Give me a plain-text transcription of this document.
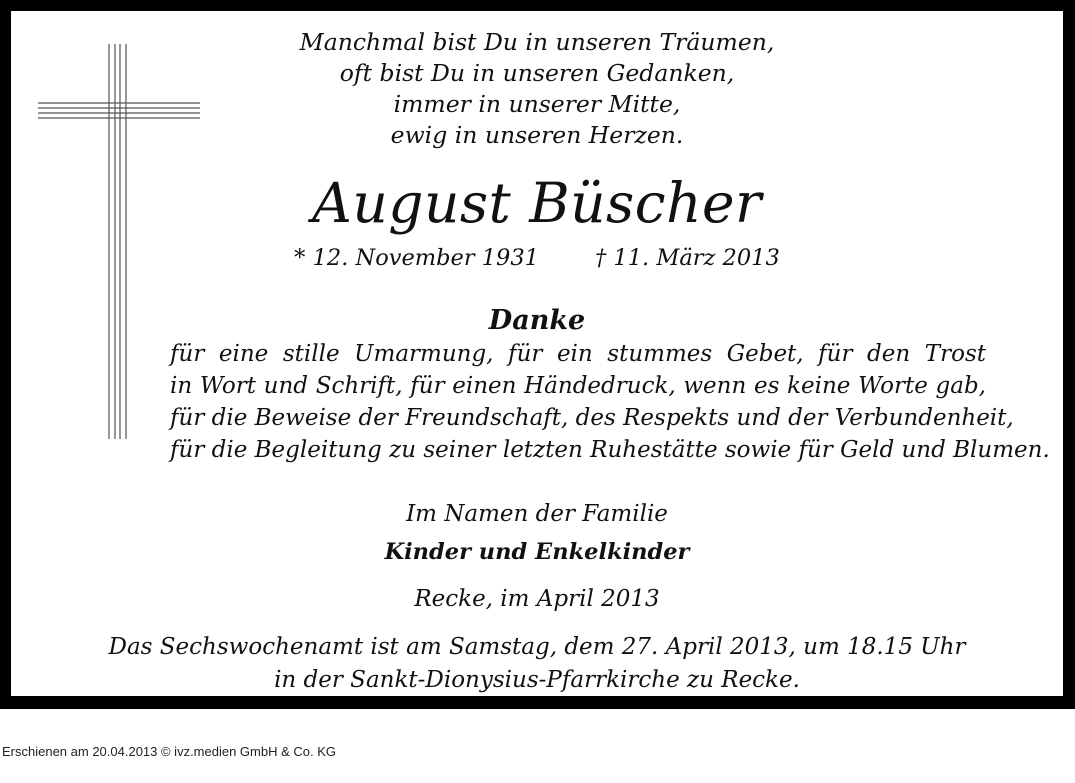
Manchmal bist Du in unseren Träumen,
oft bist Du in unseren Gedanken,
immer in unserer Mitte,
ewig in unseren Herzen.
August Büscher
* 12. November 1931 † 11. März 2013
Danke
für eine stille Umarmung, für ein stummes Gebet, für den Trost
in Wort und Schrift, für einen Händedruck, wenn es keine Worte gab,
für die Beweise der Freundschaft, des Respekts und der Verbundenheit,
für die Begleitung zu seiner letzten Ruhestätte sowie für Geld und Blumen.
Im Namen der Familie
Kinder und Enkelkinder
Recke, im April 2013
Das Sechswochenamt ist am Samstag, dem 27. April 2013, um 18.15 Uhr
in der Sankt-Dionysius-Pfarrkirche zu Recke.
Erschienen am 20.04.2013 © ivz.medien GmbH & Co. KG
